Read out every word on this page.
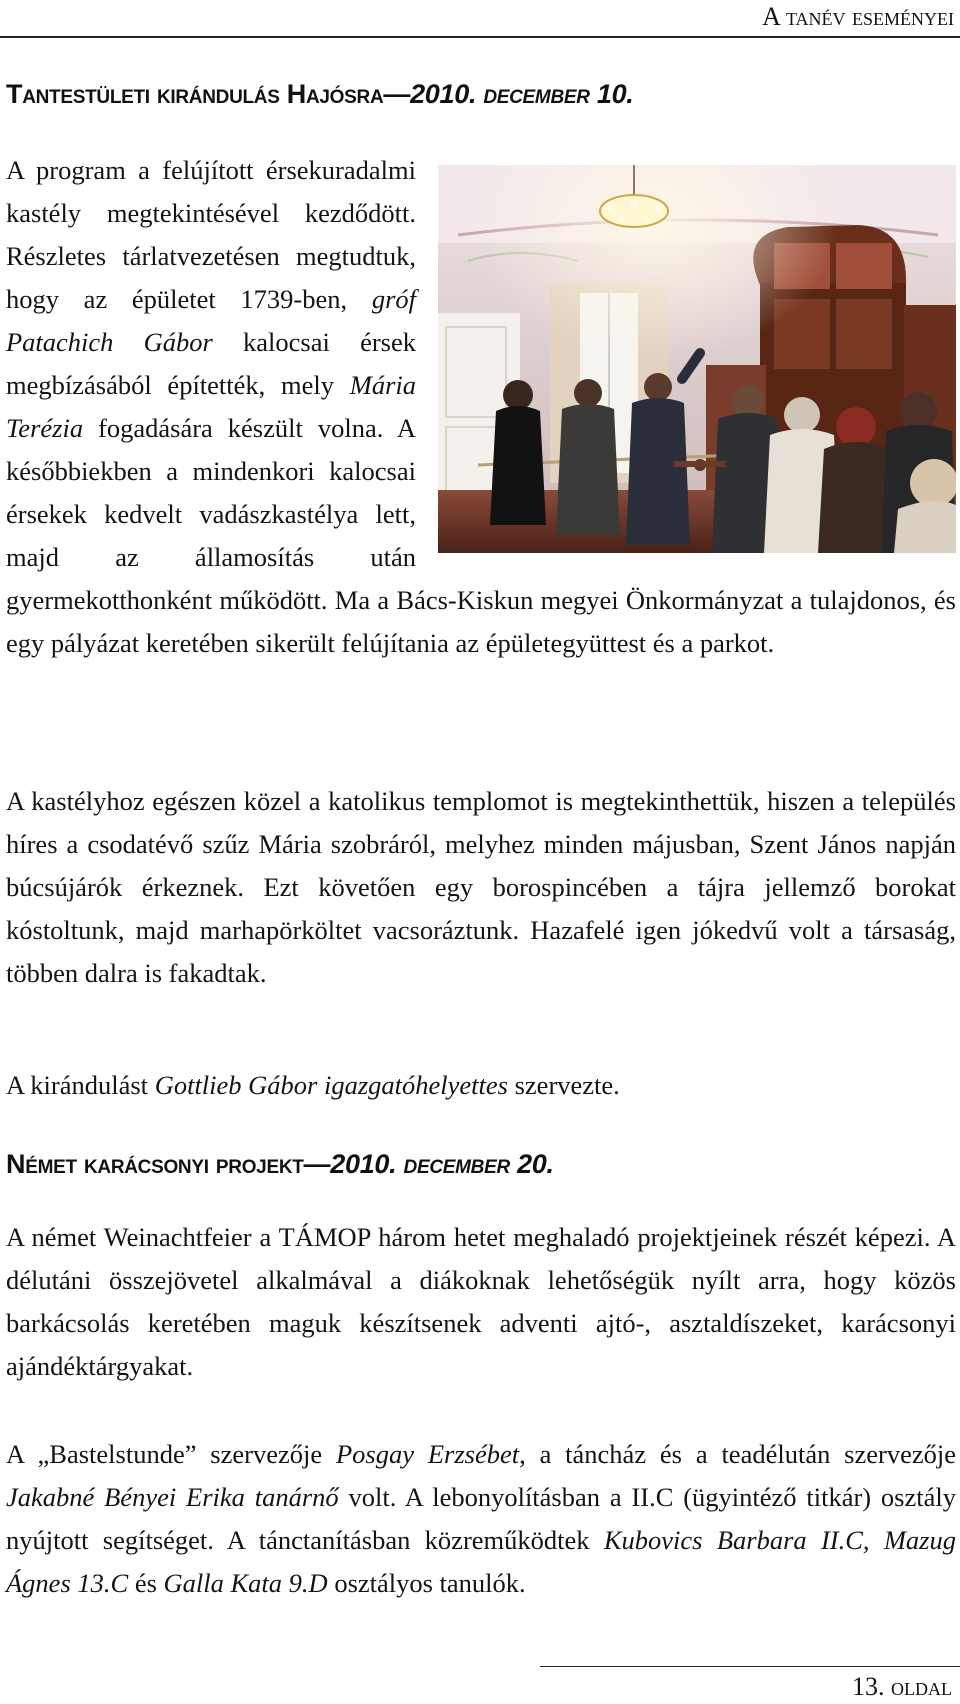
A tanév eseményei
Tantestületi kirándulás Hajósra—2010. december 10.
A program a felújított érsekuradalmi kastély megtekintésével kezdődött. Részletes tárlatvezetésen megtudtuk, hogy az épületet 1739-ben, gróf Patachich Gábor kalocsai érsek megbízásából építették, mely Mária Terézia fogadására készült volna. A későbbiekben a mindenkori kalocsai érsekek kedvelt vadászkastélya lett, majd az államosítás után gyermekotthonként működött. Ma a Bács-Kiskun megyei Önkormányzat a tulajdonos, és egy pályázat keretében sikerült felújítania az épületegyüttest és a parkot.

A kastélyhoz egészen közel a katolikus templomot is megtekinthettük, hiszen a település híres a csodatévő szűz Mária szobráról, melyhez minden májusban, Szent János napján búcsújárók érkeznek. Ezt követően egy borospincében a tájra jellemző borokat kóstoltunk, majd marhapörköltet vacsoráztunk. Hazafelé igen jókedvű volt a társaság, többen dalra is fakadtak.

A kirándulást Gottlieb Gábor igazgatóhelyettes szervezte.

Német karácsonyi projekt—2010. december 20.

A német Weinachtfeier a TÁMOP három hetet meghaladó projektjeinek részét képezi. A délutáni összejövetel alkalmával a diákoknak lehetőségük nyílt arra, hogy közös barkácsolás keretében maguk készítsenek adventi ajtó-, asztaldíszeket, karácsonyi ajándéktárgyakat.

A „Bastelstunde” szervezője Posgay Erzsébet, a táncház és a teadélután szervezője Jakabné Bényei Erika tanárnő volt. A lebonyolításban a II.C (ügyintéző titkár) osztály nyújtott segítséget. A tánctanításban közreműködtek Kubovics Barbara II.C, Mazug Ágnes 13.C és Galla Kata 9.D osztályos tanulók.

13. oldal
